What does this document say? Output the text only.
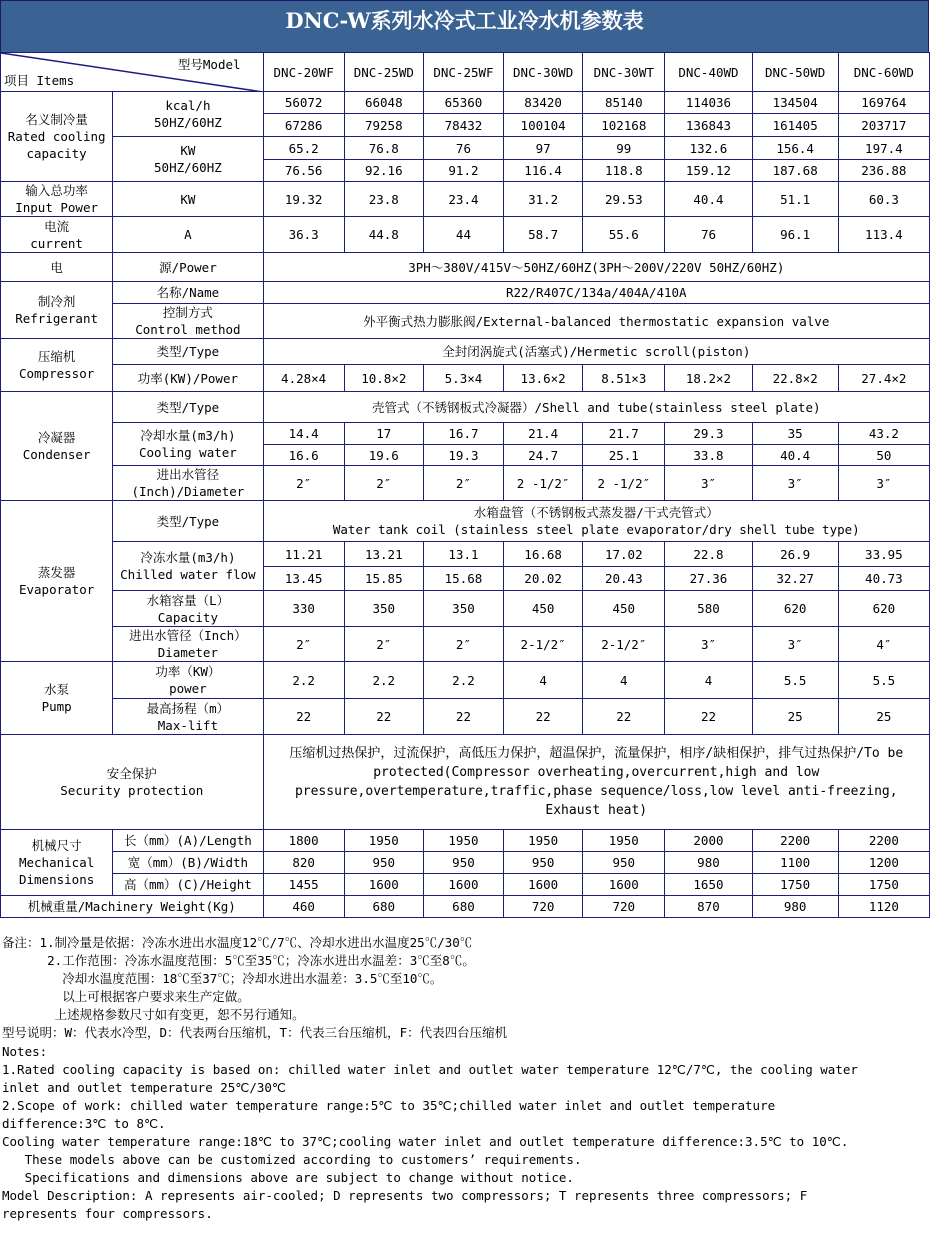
DNC-W系列水冷式工业冷水机参数表
型号Model
项目 Items		DNC-20WF	DNC-25WD	DNC-25WF	DNC-30WD	DNC-30WT	DNC-40WD	DNC-50WD	DNC-60WD
名义制冷量
Rated cooling
capacity	kcal/h
50HZ/60HZ	56072	66048	65360	83420	85140	114036	134504	169764
		67286	79258	78432	100104	102168	136843	161405	203717
	KW
50HZ/60HZ	65.2	76.8	76	97	99	132.6	156.4	197.4
		76.56	92.16	91.2	116.4	118.8	159.12	187.68	236.88
输入总功率
Input Power	KW	19.32	23.8	23.4	31.2	29.53	40.4	51.1	60.3
电流
current	A	36.3	44.8	44	58.7	55.6	76	96.1	113.4
电	源/Power	3PH～380V/415V～50HZ/60HZ(3PH～200V/220V 50HZ/60HZ)							
制冷剂
Refrigerant	名称/Name	R22/R407C/134a/404A/410A							
	控制方式
Control method	外平衡式热力膨胀阀/External-balanced thermostatic expansion valve							
压缩机
Compressor	类型/Type	全封闭涡旋式(活塞式)/Hermetic scroll(piston)							
	功率(KW)/Power	4.28×4	10.8×2	5.3×4	13.6×2	8.51×3	18.2×2	22.8×2	27.4×2
冷凝器
Condenser	类型/Type	壳管式（不锈钢板式冷凝器）/Shell and tube(stainless steel plate)							
	冷却水量(m3/h)
Cooling water	14.4	17	16.7	21.4	21.7	29.3	35	43.2
		16.6	19.6	19.3	24.7	25.1	33.8	40.4	50
	进出水管径
(Inch)/Diameter	2″	2″	2″	2 -1/2″	2 -1/2″	3″	3″	3″
蒸发器
Evaporator	类型/Type	水箱盘管（不锈钢板式蒸发器/干式壳管式）
Water tank coil (stainless steel plate evaporator/dry shell tube type)							
	冷冻水量(m3/h)
Chilled water flow	11.21	13.21	13.1	16.68	17.02	22.8	26.9	33.95
		13.45	15.85	15.68	20.02	20.43	27.36	32.27	40.73
	水箱容量（L）
Capacity	330	350	350	450	450	580	620	620
	进出水管径（Inch）
Diameter	2″	2″	2″	2-1/2″	2-1/2″	3″	3″	4″
水泵
Pump	功率（KW）
power	2.2	2.2	2.2	4	4	4	5.5	5.5
	最高扬程（m）
Max-lift	22	22	22	22	22	22	25	25
安全保护
Security protection		压缩机过热保护，过流保护，高低压力保护，超温保护，流量保护，相序/缺相保护，排气过热保护/To be protected(Compressor overheating,overcurrent,high and low pressure,overtemperature,traffic,phase sequence/loss,low level anti-freezing, Exhaust heat)							
机械尺寸
Mechanical
Dimensions	长（mm）(A)/Length	1800	1950	1950	1950	1950	2000	2200	2200
	宽（mm）(B)/Width	820	950	950	950	950	980	1100	1200
	高（mm）(C)/Height	1455	1600	1600	1600	1600	1650	1750	1750
机械重量/Machinery Weight(Kg)		460	680	680	720	720	870	980	1120
备注：1.制冷量是依据：冷冻水进出水温度12℃/7℃、冷却水进出水温度25℃/30℃
2.工作范围：冷冻水温度范围：5℃至35℃；冷冻水进出水温差：3℃至8℃。
冷却水温度范围：18℃至37℃；冷却水进出水温差：3.5℃至10℃。
以上可根据客户要求来生产定做。
上述规格参数尺寸如有变更，恕不另行通知。
型号说明：W：代表水冷型，D：代表两台压缩机，T：代表三台压缩机，F：代表四台压缩机
Notes:
1.Rated cooling capacity is based on: chilled water inlet and outlet water temperature 12℃/7℃, the cooling water
inlet and outlet temperature 25℃/30℃
2.Scope of work: chilled water temperature range:5℃ to 35℃;chilled water inlet and outlet temperature
difference:3℃ to 8℃.
Cooling water temperature range:18℃ to 37℃;cooling water inlet and outlet temperature difference:3.5℃ to 10℃.
These models above can be customized according to customers’ requirements.
Specifications and dimensions above are subject to change without notice.
Model Description: A represents air-cooled; D represents two compressors; T represents three compressors; F
represents four compressors.
